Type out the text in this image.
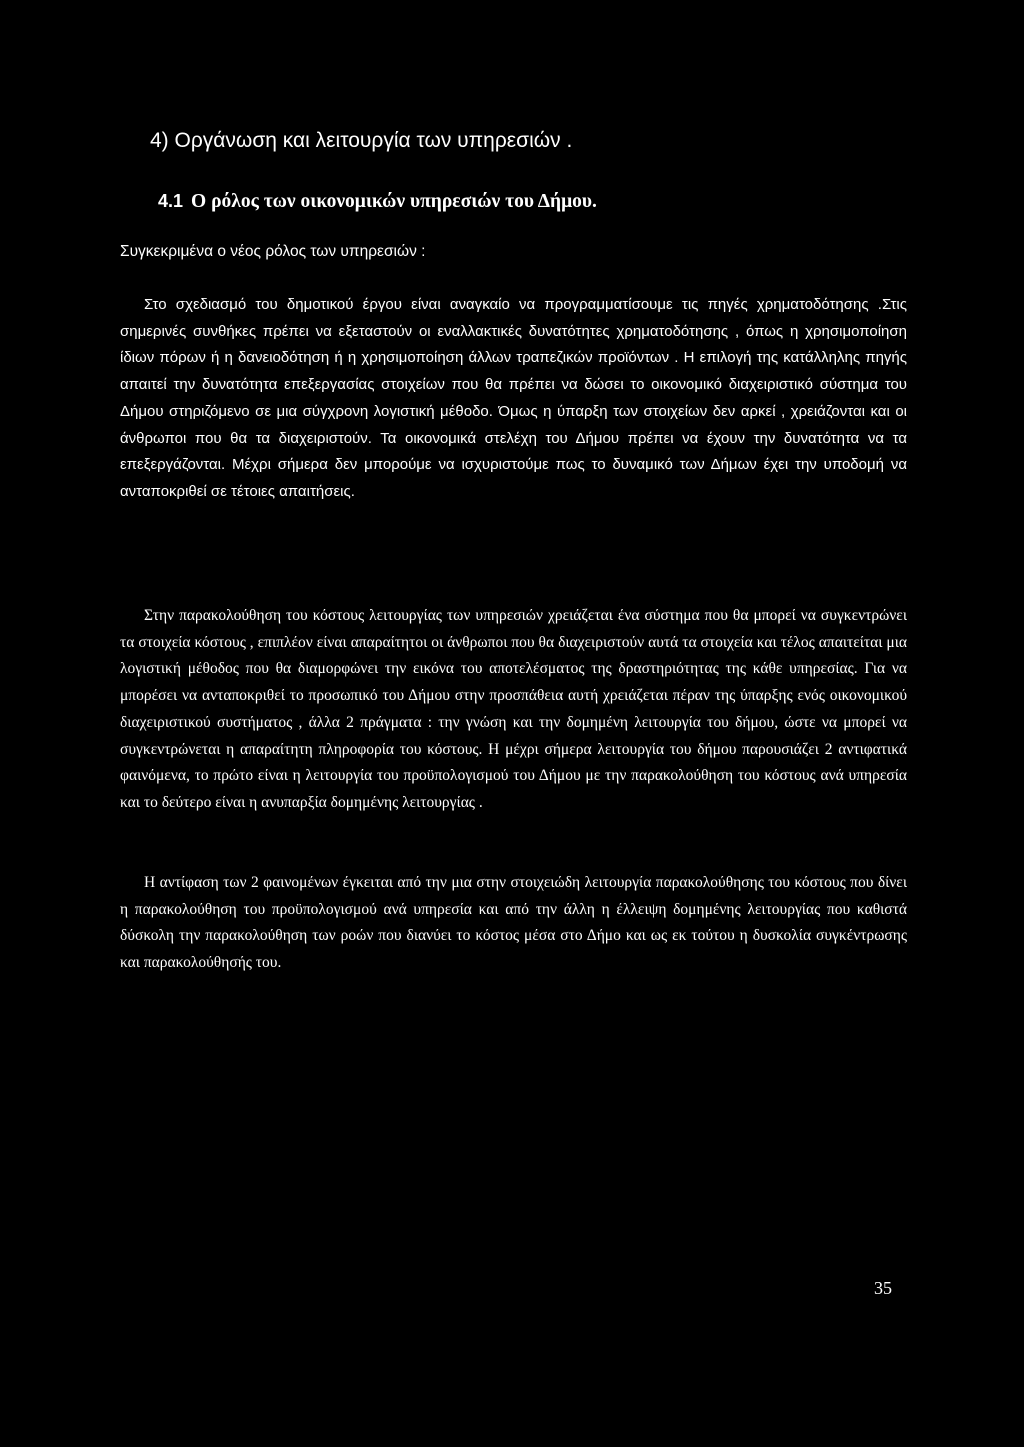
4) Οργάνωση και λειτουργία των υπηρεσιών .
4.1 Ο ρόλος των οικονομικών υπηρεσιών του Δήμου.

Συγκεκριμένα ο νέος ρόλος των υπηρεσιών :

Στο σχεδιασμό του δημοτικού έργου είναι αναγκαίο να προγραμματίσουμε τις πηγές χρηματοδότησης .Στις σημερινές συνθήκες πρέπει να εξεταστούν οι εναλλακτικές δυνατότητες χρηματοδότησης , όπως η χρησιμοποίηση ίδιων πόρων ή η δανειοδότηση ή η χρησιμοποίηση άλλων τραπεζικών προϊόντων . Η επιλογή της κατάλληλης πηγής απαιτεί την δυνατότητα επεξεργασίας στοιχείων που θα πρέπει να δώσει το οικονομικό διαχειριστικό σύστημα του Δήμου στηριζόμενο σε μια σύγχρονη λογιστική μέθοδο. Όμως η ύπαρξη των στοιχείων δεν αρκεί , χρειάζονται και οι άνθρωποι που θα τα διαχειριστούν. Τα οικονομικά στελέχη του Δήμου πρέπει να έχουν την δυνατότητα να τα επεξεργάζονται. Μέχρι σήμερα δεν μπορούμε να ισχυριστούμε πως το δυναμικό των Δήμων έχει την υποδομή να ανταποκριθεί σε τέτοιες απαιτήσεις.

Στην παρακολούθηση του κόστους λειτουργίας των υπηρεσιών χρειάζεται ένα σύστημα που θα μπορεί να συγκεντρώνει τα στοιχεία κόστους , επιπλέον είναι απαραίτητοι οι άνθρωποι που θα διαχειριστούν αυτά τα στοιχεία και τέλος απαιτείται μια λογιστική μέθοδος που θα διαμορφώνει την εικόνα του αποτελέσματος της δραστηριότητας της κάθε υπηρεσίας. Για να μπορέσει να ανταποκριθεί το προσωπικό του Δήμου στην προσπάθεια αυτή χρειάζεται πέραν της ύπαρξης ενός οικονομικού διαχειριστικού συστήματος , άλλα 2 πράγματα : την γνώση και την δομημένη λειτουργία του δήμου, ώστε να μπορεί να συγκεντρώνεται η απαραίτητη πληροφορία του κόστους. Η μέχρι σήμερα λειτουργία του δήμου παρουσιάζει 2 αντιφατικά φαινόμενα, το πρώτο είναι η λειτουργία του προϋπολογισμού του Δήμου με την παρακολούθηση του κόστους ανά υπηρεσία και το δεύτερο είναι η ανυπαρξία δομημένης λειτουργίας .

Η αντίφαση των 2 φαινομένων έγκειται από την μια στην στοιχειώδη λειτουργία παρακολούθησης του κόστους που δίνει η παρακολούθηση του προϋπολογισμού ανά υπηρεσία και από την άλλη η έλλειψη δομημένης λειτουργίας που καθιστά δύσκολη την παρακολούθηση των ροών που διανύει το κόστος μέσα στο Δήμο και ως εκ τούτου η δυσκολία συγκέντρωσης και παρακολούθησής του.

35
